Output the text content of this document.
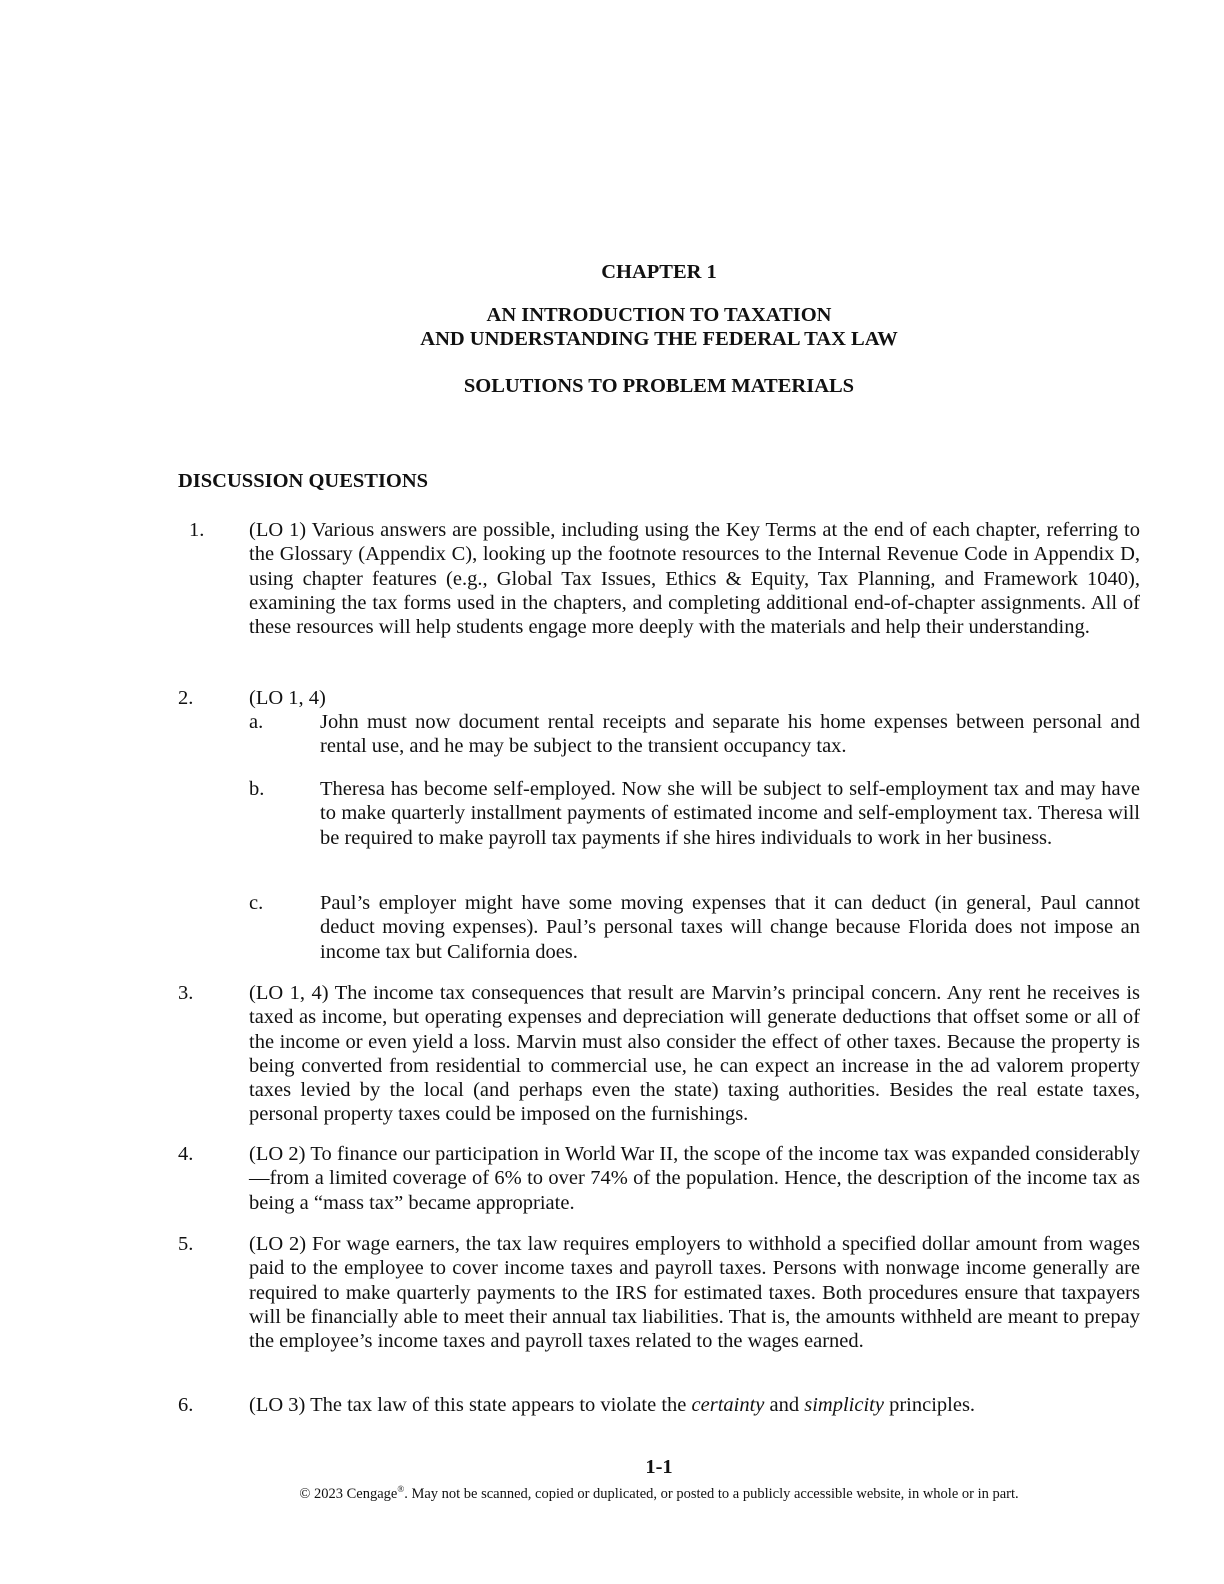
CHAPTER 1
AN INTRODUCTION TO TAXATION
AND UNDERSTANDING THE FEDERAL TAX LAW
SOLUTIONS TO PROBLEM MATERIALS
DISCUSSION QUESTIONS
1. (LO 1) Various answers are possible, including using the Key Terms at the end of each chapter, referring to the Glossary (Appendix C), looking up the footnote resources to the Internal Revenue Code in Appendix D, using chapter features (e.g., Global Tax Issues, Ethics & Equity, Tax Planning, and Framework 1040), examining the tax forms used in the chapters, and completing additional end-of-chapter assignments. All of these resources will help students engage more deeply with the materials and help their understanding.

2.	(LO 1, 4)

a.	John must now document rental receipts and separate his home expenses between personal and rental use, and he may be subject to the transient occupancy tax.

b.	Theresa has become self-employed. Now she will be subject to self-employment tax and may have to make quarterly installment payments of estimated income and self-employment tax. Theresa will be required to make payroll tax payments if she hires individuals to work in her business.

c.	Paul’s employer might have some moving expenses that it can deduct (in general, Paul cannot deduct moving expenses). Paul’s personal taxes will change because Florida does not impose an income tax but California does.

3.	(LO 1, 4) The income tax consequences that result are Marvin’s principal concern. Any rent he receives is taxed as income, but operating expenses and depreciation will generate deductions that offset some or all of the income or even yield a loss. Marvin must also consider the effect of other taxes. Because the property is being converted from residential to commercial use, he can expect an increase in the ad valorem property taxes levied by the local (and perhaps even the state) taxing authorities. Besides the real estate taxes, personal property taxes could be imposed on the furnishings.

4.	(LO 2) To finance our participation in World War II, the scope of the income tax was expanded considerably—from a limited coverage of 6% to over 74% of the population. Hence, the description of the income tax as being a “mass tax” became appropriate.

5.	(LO 2) For wage earners, the tax law requires employers to withhold a specified dollar amount from wages paid to the employee to cover income taxes and payroll taxes. Persons with nonwage income generally are required to make quarterly payments to the IRS for estimated taxes. Both procedures ensure that taxpayers will be financially able to meet their annual tax liabilities. That is, the amounts withheld are meant to prepay the employee’s income taxes and payroll taxes related to the wages earned.

6.	(LO 3) The tax law of this state appears to violate the certainty and simplicity principles.

1-1
© 2023 Cengage®. May not be scanned, copied or duplicated, or posted to a publicly accessible website, in whole or in part.
